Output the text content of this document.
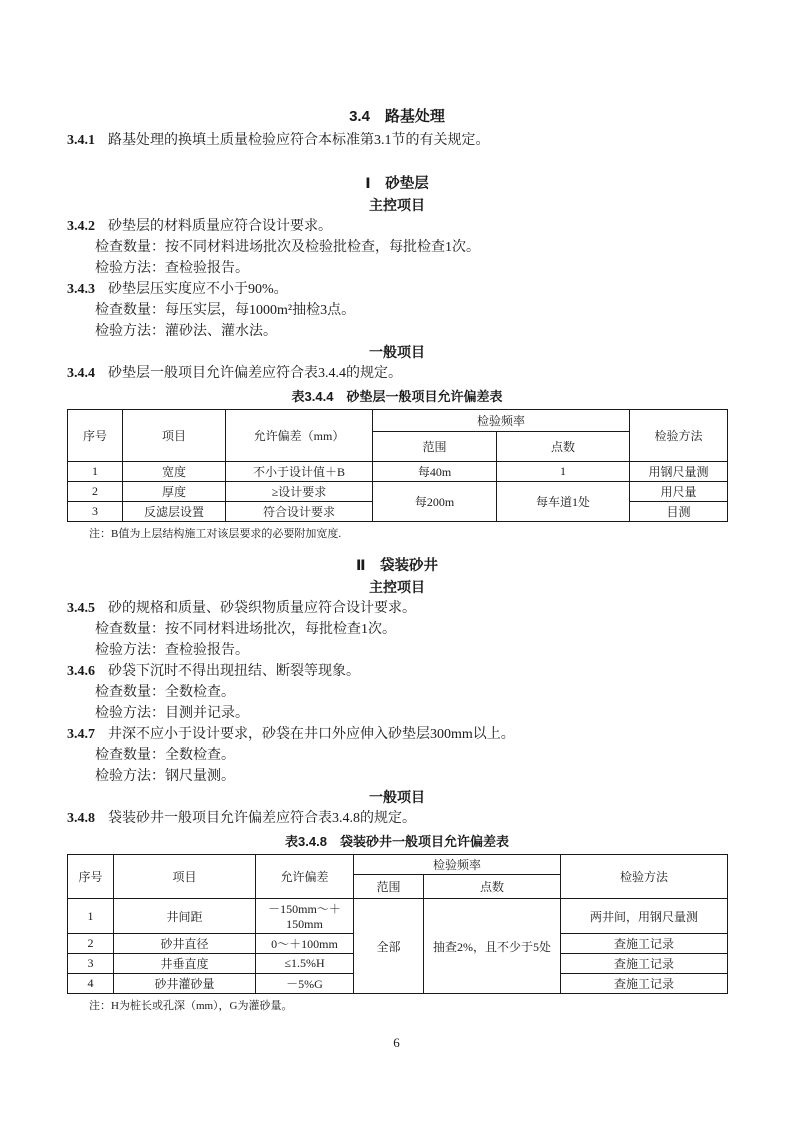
3.4　路基处理

3.4.1 路基处理的换填土质量检验应符合本标准第3.1节的有关规定。

Ⅰ　砂垫层
主控项目

3.4.2 砂垫层的材料质量应符合设计要求。

检查数量：按不同材料进场批次及检验批检查，每批检查1次。

检验方法：查检验报告。

3.4.3 砂垫层压实度应不小于90%。

检查数量：每压实层，每1000m²抽检3点。

检验方法：灌砂法、灌水法。

一般项目

3.4.4 砂垫层一般项目允许偏差应符合表3.4.4的规定。

表3.4.4　砂垫层一般项目允许偏差表
序号	项目	允许偏差（mm）	检验频率		检验方法
			范围	点数	
1	宽度	不小于设计值＋B	每40m	1	用钢尺量测
2	厚度	≥设计要求	每200m	每车道1处	用尺量
3	反滤层设置	符合设计要求			目测

注：B值为上层结构施工对该层要求的必要附加宽度.

Ⅱ　袋装砂井
主控项目

3.4.5 砂的规格和质量、砂袋织物质量应符合设计要求。

检查数量：按不同材料进场批次，每批检查1次。

检验方法：查检验报告。

3.4.6 砂袋下沉时不得出现扭结、断裂等现象。

检查数量：全数检查。

检验方法：目测并记录。

3.4.7 井深不应小于设计要求，砂袋在井口外应伸入砂垫层300mm以上。

检查数量：全数检查。

检验方法：钢尺量测。

一般项目

3.4.8 袋装砂井一般项目允许偏差应符合表3.4.8的规定。

表3.4.8　袋装砂井一般项目允许偏差表
序号	项目	允许偏差	检验频率		检验方法
			范围	点数	
1	井间距	－150mm～＋150mm	全部	抽查2%，且不少于5处	两井间，用钢尺量测
2	砂井直径	0～＋100mm			查施工记录
3	井垂直度	≤1.5%H			查施工记录
4	砂井灌砂量	－5%G			查施工记录

注：H为桩长或孔深（mm），G为灌砂量。

6
